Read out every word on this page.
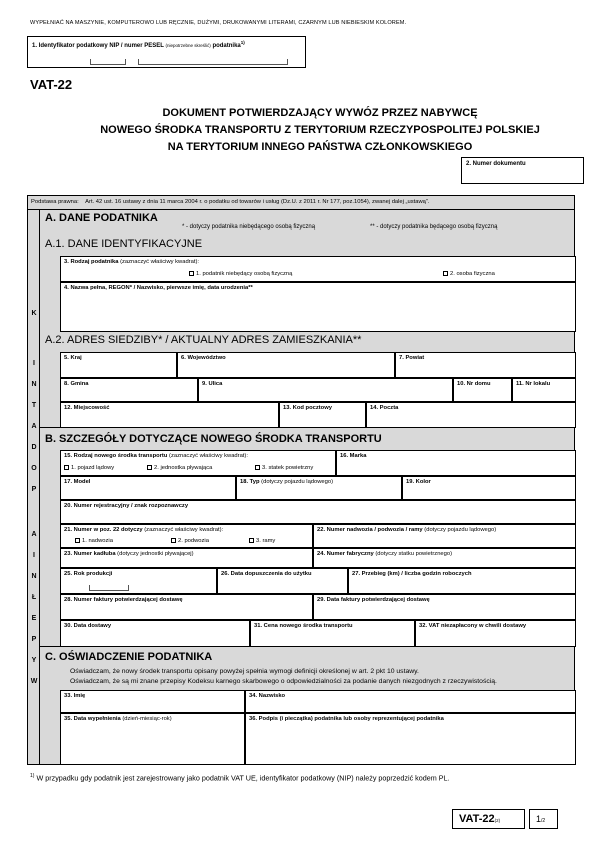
WYPEŁNIAĆ NA MASZYNIE, KOMPUTEROWO LUB RĘCZNIE, DUŻYMI, DRUKOWANYMI LITERAMI, CZARNYM LUB NIEBIESKIM KOLOREM.
1. Identyfikator podatkowy NIP / numer PESEL (niepotrzebne skreślić) podatnika$^{1)}$
VAT-22
DOKUMENT POTWIERDZAJĄCY WYWÓZ PRZEZ NABYWCĘ
NOWEGO ŚRODKA TRANSPORTU Z TERYTORIUM RZECZYPOSPOLITEJ POLSKIEJ
NA TERYTORIUM INNEGO PAŃSTWA CZŁONKOWSKIEGO
2. Numer dokumentu
Podstawa prawna: Art. 42 ust. 16 ustawy z dnia 11 marca 2004 r. o podatku od towarów i usług (Dz.U. z 2011 r. Nr 177, poz.1054), zwanej dalej „ustawą”.
W
Y
P
E
Ł
N
I
A
P
O
D
A
T
N
I
K
A. DANE PODATNIKA
* - dotyczy podatnika niebędącego osobą fizyczną	** - dotyczy podatnika będącego osobą fizyczną
A.1. DANE IDENTYFIKACYJNE
3. Rodzaj podatnika (zaznaczyć właściwy kwadrat):
1. podatnik niebędący osobą fizyczną	2. osoba fizyczna
4. Nazwa pełna, REGON* / Nazwisko, pierwsze imię, data urodzenia**
A.2. ADRES SIEDZIBY* / AKTUALNY ADRES ZAMIESZKANIA**
5. Kraj	6. Województwo	7. Powiat
8. Gmina	9. Ulica	10. Nr domu	11. Nr lokalu
12. Miejscowość	13. Kod pocztowy	14. Poczta
B. SZCZEGÓŁY DOTYCZĄCE NOWEGO ŚRODKA TRANSPORTU
15. Rodzaj nowego środka transportu (zaznaczyć właściwy kwadrat):
1. pojazd lądowy	2. jednostka pływająca	3. statek powietrzny
16. Marka
17. Model	18. Typ (dotyczy pojazdu lądowego)	19. Kolor
20. Numer rejestracyjny / znak rozpoznawczy
21. Numer w poz. 22 dotyczy (zaznaczyć właściwy kwadrat):
1. nadwozia	2. podwozia	3. ramy
22. Numer nadwozia / podwozia / ramy (dotyczy pojazdu lądowego)
23. Numer kadłuba (dotyczy jednostki pływającej)	24. Numer fabryczny (dotyczy statku powietrznego)
25. Rok produkcji	26. Data dopuszczenia do użytku	27. Przebieg (km) / liczba godzin roboczych
28. Numer faktury potwierdzającej dostawę	29. Data faktury potwierdzającej dostawę
30. Data dostawy	31. Cena nowego środka transportu	32. VAT niezapłacony w chwili dostawy
C. OŚWIADCZENIE PODATNIKA
Oświadczam, że nowy środek transportu opisany powyżej spełnia wymogi definicji określonej w art. 2 pkt 10 ustawy.
Oświadczam, że są mi znane przepisy Kodeksu karnego skarbowego o odpowiedzialności za podanie danych niezgodnych z rzeczywistością.
33. Imię	34. Nazwisko
35. Data wypełnienia (dzień-miesiąc-rok)	36. Podpis (i pieczątka) podatnika lub osoby reprezentującej podatnika
$^{1)}$ W przypadku gdy podatnik jest zarejestrowany jako podatnik VAT UE, identyfikator podatkowy (NIP) należy poprzedzić kodem PL.
VAT-22(2)	1/2
